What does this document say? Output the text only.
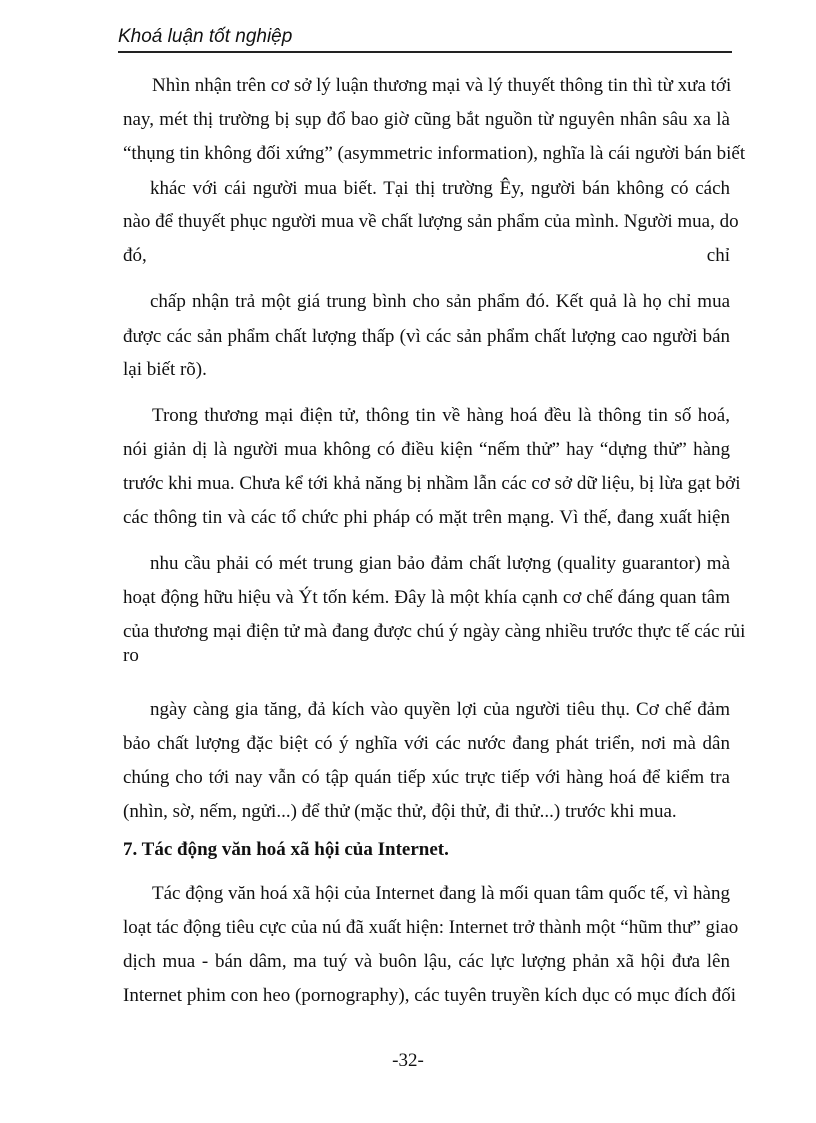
Khoá luận tốt nghiệp
Nhìn nhận trên cơ sở lý luận thương mại và lý thuyết thông tin thì từ xưa tới
nay, mét thị trường bị sụp đổ bao giờ cũng bắt nguồn từ nguyên nhân sâu xa là
“thụng tin không đối xứng” (asymmetric information), nghĩa là cái người bán biết
khác với cái người mua biết. Tại thị trường Êy, người bán không có cách
nào để thuyết phục người mua về chất lượng sản phẩm của mình. Người mua, do
đó, chỉ
chấp nhận trả một giá trung bình cho sản phẩm đó. Kết quả là họ chỉ mua
được các sản phẩm chất lượng thấp (vì các sản phẩm chất lượng cao người bán
lại biết rõ).
Trong thương mại điện tử, thông tin về hàng hoá đều là thông tin số hoá,
nói giản dị là người mua không có điều kiện “nếm thử” hay “dựng thử” hàng
trước khi mua. Chưa kể tới khả năng bị nhầm lẫn các cơ sở dữ liệu, bị lừa gạt bởi
các thông tin và các tổ chức phi pháp có mặt trên mạng. Vì thế, đang xuất hiện
nhu cầu phải có mét trung gian bảo đảm chất lượng (quality guarantor) mà
hoạt động hữu hiệu và Ýt tốn kém. Đây là một khía cạnh cơ chế đáng quan tâm
của thương mại điện tử mà đang được chú ý ngày càng nhiều trước thực tế các rủi
ro
ngày càng gia tăng, đả kích vào quyền lợi của người tiêu thụ. Cơ chế đảm
bảo chất lượng đặc biệt có ý nghĩa với các nước đang phát triển, nơi mà dân
chúng cho tới nay vẫn có tập quán tiếp xúc trực tiếp với hàng hoá để kiểm tra
(nhìn, sờ, nếm, ngửi...) để thử (mặc thử, đội thử, đi thử...) trước khi mua.
7. Tác động văn hoá xã hội của Internet.
Tác động văn hoá xã hội của Internet đang là mối quan tâm quốc tế, vì hàng
loạt tác động tiêu cực của nú đã xuất hiện: Internet trở thành một “hũm thư” giao
dịch mua - bán dâm, ma tuý và buôn lậu, các lực lượng phản xã hội đưa lên
Internet phim con heo (pornography), các tuyên truyền kích dục có mục đích đối
-32-
